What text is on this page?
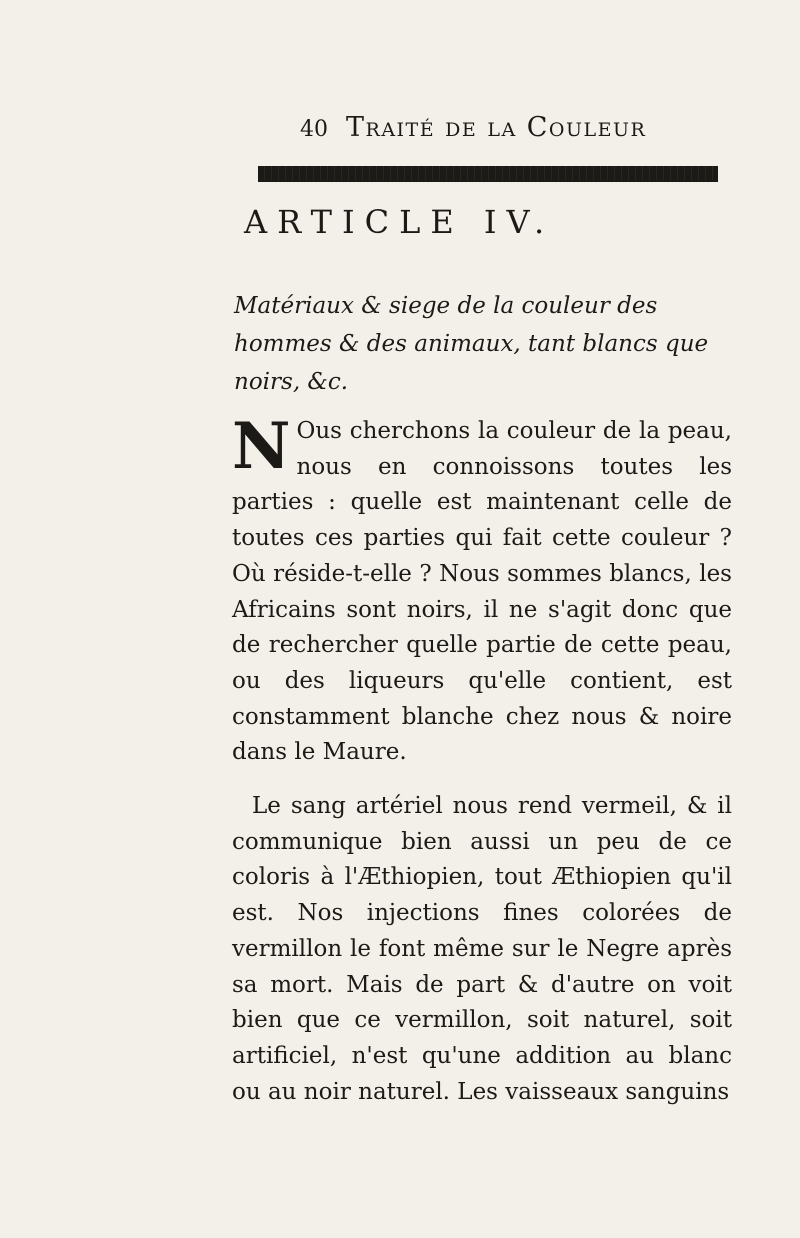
40 Traité de la Couleur
ARTICLE IV.
Matériaux & siege de la couleur des hommes & des animaux, tant blancs que noirs, &c.

N Ous cherchons la couleur de la peau, nous en connoissons toutes les parties : quelle est maintenant celle de toutes ces parties qui fait cette couleur ? Où réside-t-elle ? Nous sommes blancs, les Africains sont noirs, il ne s'agit donc que de rechercher quelle partie de cette peau, ou des liqueurs qu'elle contient, est constamment blanche chez nous & noire dans le Maure.

Le sang artériel nous rend vermeil, & il communique bien aussi un peu de ce coloris à l'Æthiopien, tout Æthiopien qu'il est. Nos injections fines colorées de vermillon le font même sur le Negre après sa mort. Mais de part & d'autre on voit bien que ce vermillon, soit naturel, soit artificiel, n'est qu'une addition au blanc ou au noir naturel. Les vaisseaux sanguins
